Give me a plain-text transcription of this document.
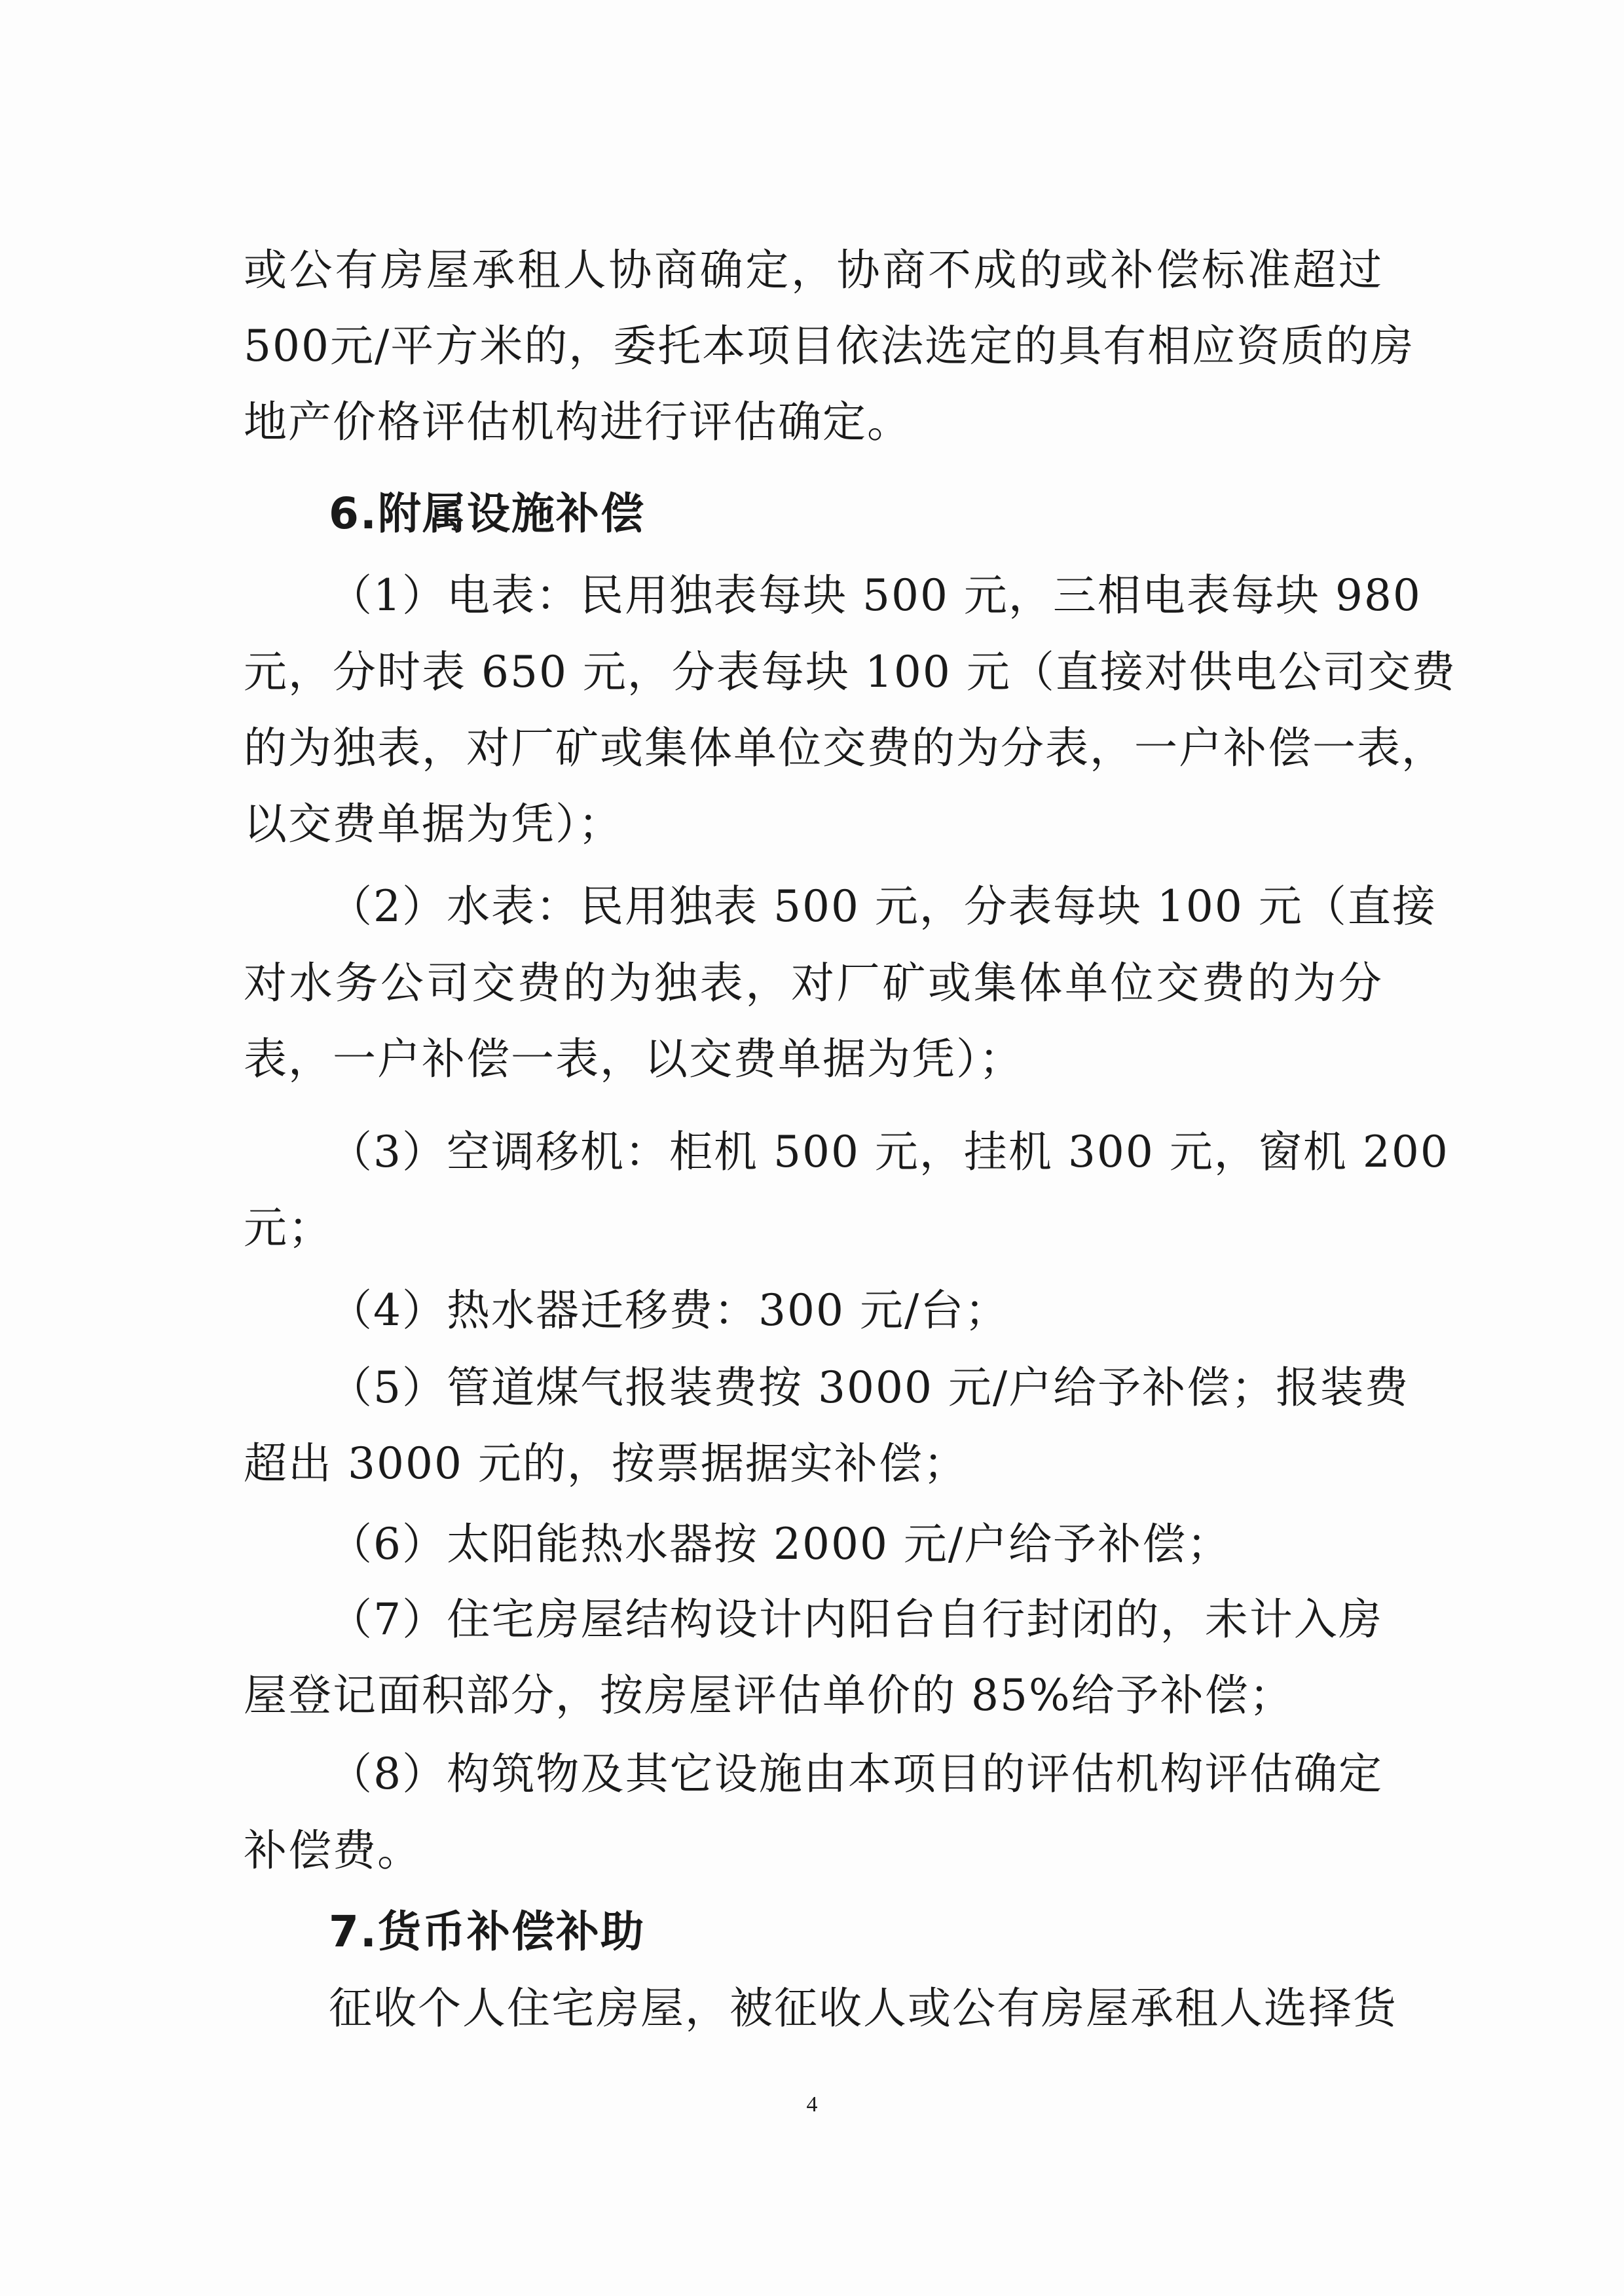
或公有房屋承租人协商确定，协商不成的或补偿标准超过
500元/平方米的，委托本项目依法选定的具有相应资质的房
地产价格评估机构进行评估确定。
6.附属设施补偿
（1）电表：民用独表每块 500 元，三相电表每块 980
元，分时表 650 元，分表每块 100 元（直接对供电公司交费
的为独表，对厂矿或集体单位交费的为分表，一户补偿一表，
以交费单据为凭）；
（2）水表：民用独表 500 元，分表每块 100 元（直接
对水务公司交费的为独表，对厂矿或集体单位交费的为分
表，一户补偿一表，以交费单据为凭）；
（3）空调移机：柜机 500 元，挂机 300 元，窗机 200
元；
（4）热水器迁移费：300 元/台；
（5）管道煤气报装费按 3000 元/户给予补偿；报装费
超出 3000 元的，按票据据实补偿；
（6）太阳能热水器按 2000 元/户给予补偿；
（7）住宅房屋结构设计内阳台自行封闭的，未计入房
屋登记面积部分，按房屋评估单价的 85%给予补偿；
（8）构筑物及其它设施由本项目的评估机构评估确定
补偿费。
7.货币补偿补助
征收个人住宅房屋，被征收人或公有房屋承租人选择货
4
